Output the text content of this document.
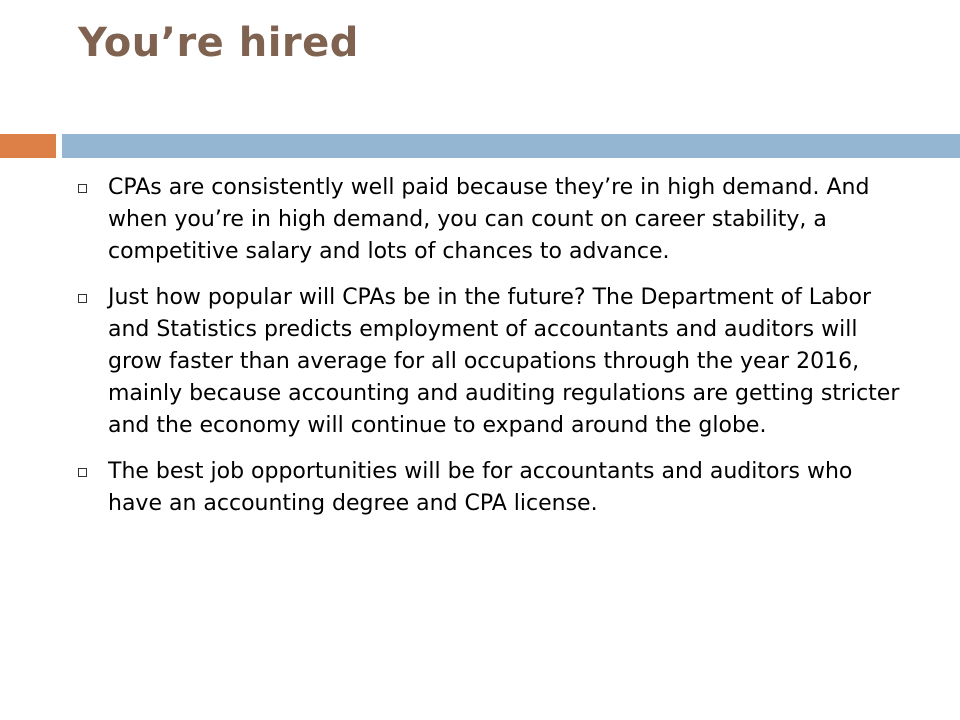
You’re hired
CPAs are consistently well paid because they’re in high demand. And when you’re in high demand, you can count on career stability, a competitive salary and lots of chances to advance.
Just how popular will CPAs be in the future? The Department of Labor and Statistics predicts employment of accountants and auditors will grow faster than average for all occupations through the year 2016, mainly because accounting and auditing regulations are getting stricter and the economy will continue to expand around the globe.
The best job opportunities will be for accountants and auditors who have an accounting degree and CPA license.
